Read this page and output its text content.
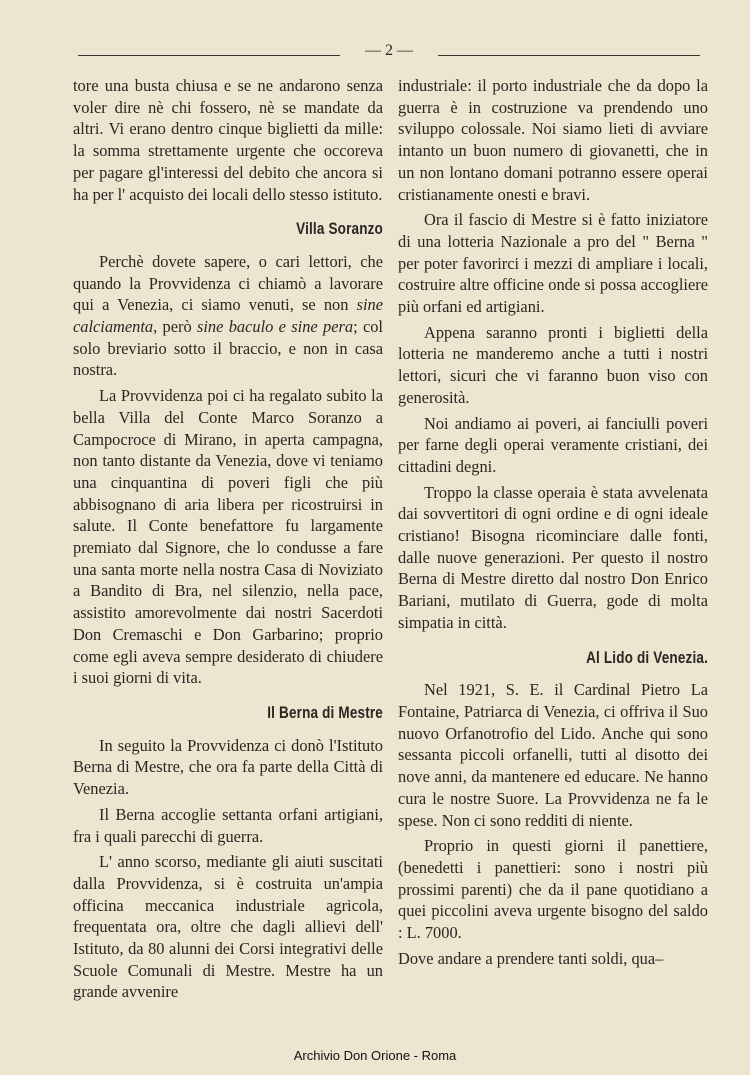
— 2 —

tore una busta chiusa e se ne andarono senza voler dire nè chi fossero, nè se mandate da altri. Vi erano dentro cinque biglietti da mille: la somma strettamente urgente che occoreva per pagare gl'interessi del debito che ancora si ha per l' acquisto dei locali dello stesso istituto.

Villa Soranzo

Perchè dovete sapere, o cari lettori, che quando la Provvidenza ci chiamò a lavorare qui a Venezia, ci siamo venuti, se non sine calciamenta, però sine baculo e sine pera; col solo breviario sotto il braccio, e non in casa nostra.

La Provvidenza poi ci ha regalato subito la bella Villa del Conte Marco Soranzo a Campocroce di Mirano, in aperta campagna, non tanto distante da Venezia, dove vi teniamo una cinquantina di poveri figli che più abbisognano di aria libera per ricostruirsi in salute. Il Conte benefattore fu largamente premiato dal Signore, che lo condusse a fare una santa morte nella nostra Casa di Noviziato a Bandito di Bra, nel silenzio, nella pace, assistito amorevolmente dai nostri Sacerdoti Don Cremaschi e Don Garbarino; proprio come egli aveva sempre desiderato di chiudere i suoi giorni di vita.

Il Berna di Mestre

In seguito la Provvidenza ci donò l'Istituto Berna di Mestre, che ora fa parte della Città di Venezia.

Il Berna accoglie settanta orfani artigiani, fra i quali parecchi di guerra.

L' anno scorso, mediante gli aiuti suscitati dalla Provvidenza, si è costruita un'ampia officina meccanica industriale agricola, frequentata ora, oltre che dagli allievi dell' Istituto, da 80 alunni dei Corsi integrativi delle Scuole Comunali di Mestre. Mestre ha un grande avvenire

industriale: il porto industriale che da dopo la guerra è in costruzione va prendendo uno sviluppo colossale. Noi siamo lieti di avviare intanto un buon numero di giovanetti, che in un non lontano domani potranno essere operai cristianamente onesti e bravi.

Ora il fascio di Mestre si è fatto iniziatore di una lotteria Nazionale a pro del " Berna " per poter favorirci i mezzi di ampliare i locali, costruire altre officine onde si possa accogliere più orfani ed artigiani.

Appena saranno pronti i biglietti della lotteria ne manderemo anche a tutti i nostri lettori, sicuri che vi faranno buon viso con generosità.

Noi andiamo ai poveri, ai fanciulli poveri per farne degli operai veramente cristiani, dei cittadini degni.

Troppo la classe operaia è stata avvelenata dai sovvertitori di ogni ordine e di ogni ideale cristiano! Bisogna ricominciare dalle fonti, dalle nuove generazioni. Per questo il nostro Berna di Mestre diretto dal nostro Don Enrico Bariani, mutilato di Guerra, gode di molta simpatia in città.

Al Lido di Venezia.

Nel 1921, S. E. il Cardinal Pietro La Fontaine, Patriarca di Venezia, ci offriva il Suo nuovo Orfanotrofio del Lido. Anche qui sono sessanta piccoli orfanelli, tutti al disotto dei nove anni, da mantenere ed educare. Ne hanno cura le nostre Suore. La Provvidenza ne fa le spese. Non ci sono redditi di niente.

Proprio in questi giorni il panettiere, (benedetti i panettieri: sono i nostri più prossimi parenti) che da il pane quotidiano a quei piccolini aveva urgente bisogno del saldo : L. 7000.

Dove andare a prendere tanti soldi, qua–

Archivio Don Orione - Roma
